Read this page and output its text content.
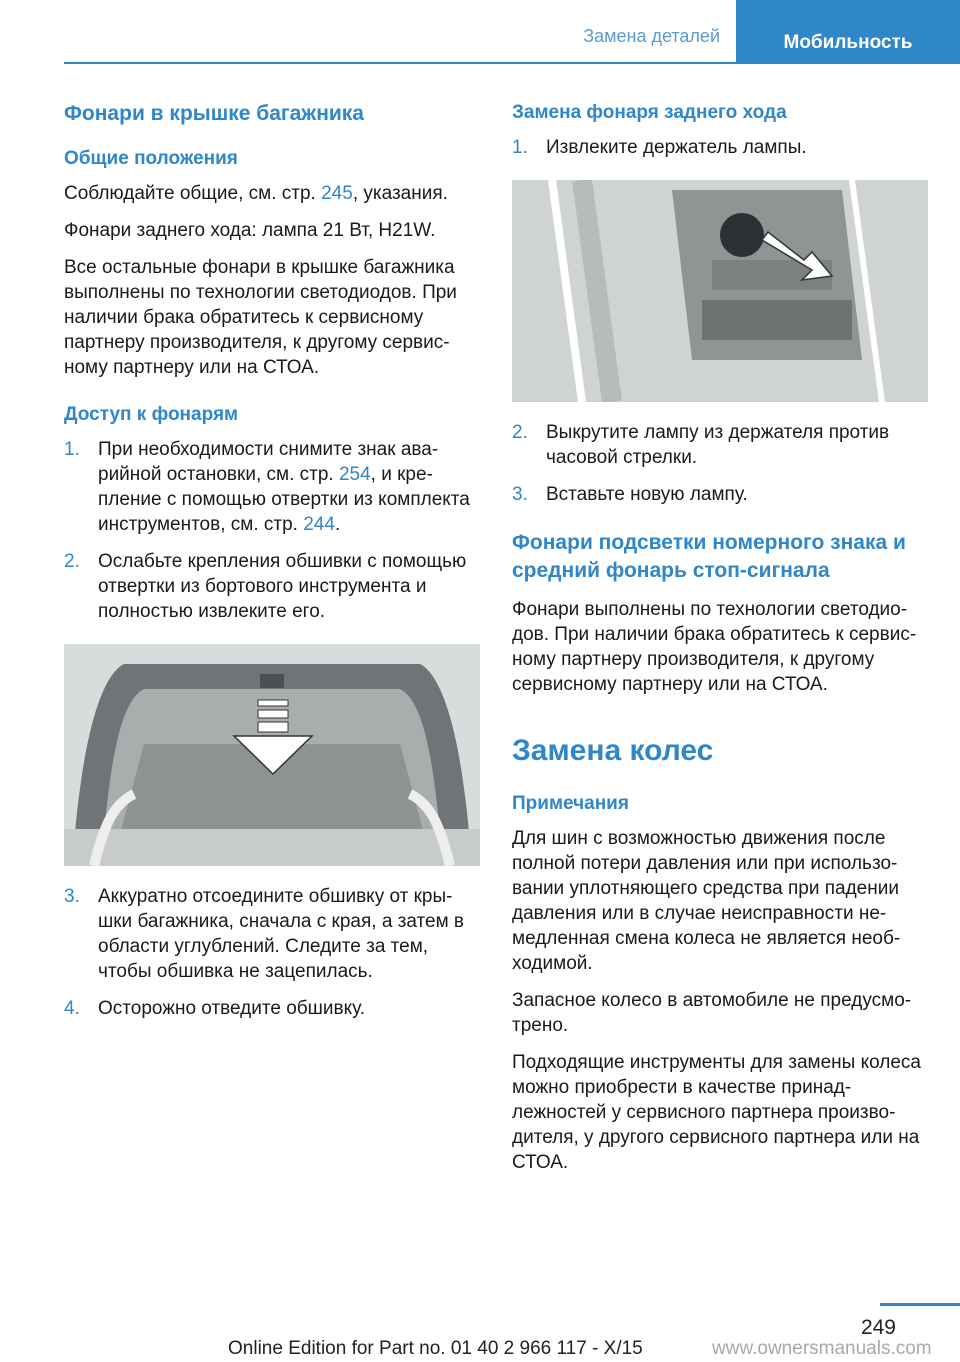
Замена деталей	Мобильность
Фонари в крышке багажника
Общие положения

Соблюдайте общие, см. стр. 245, указания.

Фонари заднего хода: лампа 21 Вт, H21W.

Все остальные фонари в крышке багажника выполнены по технологии светодиодов. При наличии брака обратитесь к сервисному партнеру производителя, к другому сервисному партнеру или на СТОА.

Доступ к фонарям
1. При необходимости снимите знак аварийной остановки, см. стр. 254, и крепление с помощью отвертки из комплекта инструментов, см. стр. 244.
2. Ослабьте крепления обшивки с помощью отвертки из бортового инструмента и полностью извлеките его.
3. Аккуратно отсоедините обшивку от крышки багажника, сначала с края, а затем в области углублений. Следите за тем, чтобы обшивка не зацепилась.
4. Осторожно отведите обшивку.
Замена фонаря заднего хода
1. Извлеките держатель лампы.
2. Выкрутите лампу из держателя против часовой стрелки.
3. Вставьте новую лампу.
Фонари подсветки номерного знака и средний фонарь стоп-сигнала

Фонари выполнены по технологии светодиодов. При наличии брака обратитесь к сервисному партнеру производителя, к другому сервисному партнеру или на СТОА.

Замена колес
Примечания

Для шин с возможностью движения после полной потери давления или при использовании уплотняющего средства при падении давления или в случае неисправности немедленная смена колеса не является необходимой.

Запасное колесо в автомобиле не предусмотрено.

Подходящие инструменты для замены колеса можно приобрести в качестве принадлежностей у сервисного партнера производителя, у другого сервисного партнера или на СТОА.

249
Online Edition for Part no. 01 40 2 966 117 - X/15	www.ownersmanuals.com
